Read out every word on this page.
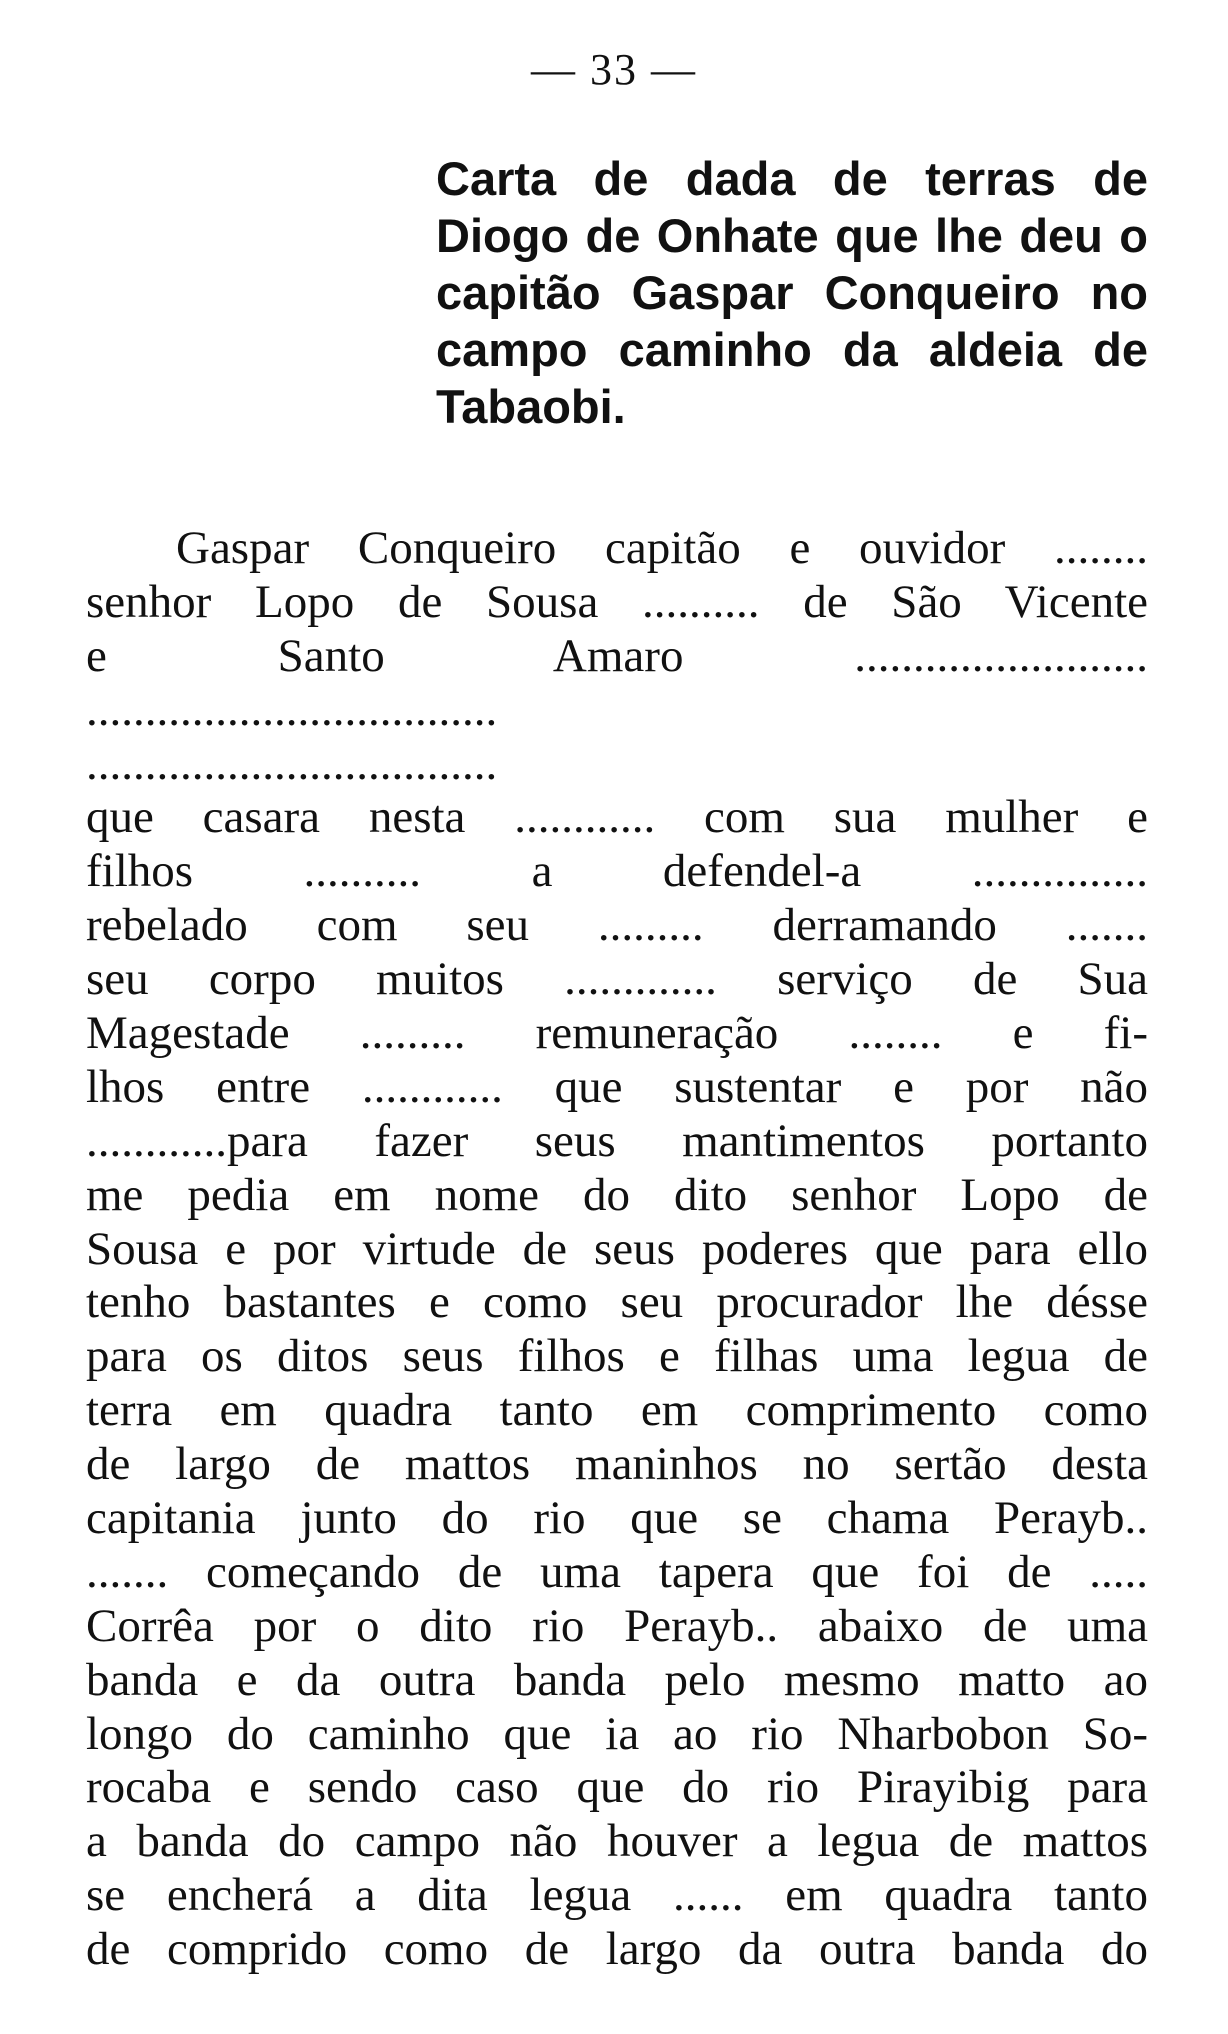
— 33 —
Carta de dada de terras de
Diogo de Onhate que lhe deu o
capitão Gaspar Conqueiro no
campo caminho da aldeia de
Tabaobi.
Gaspar Conqueiro capitão e ouvidor ........
senhor Lopo de Sousa .......... de São Vicente
e Santo Amaro .........................
...................................
...................................
que casara nesta ............ com sua mulher e
filhos .......... a defendel-a ...............
rebelado com seu ......... derramando .......
seu corpo muitos ............. serviço de Sua
Magestade ......... remuneração ........ e fi-
lhos entre ............ que sustentar e por não
............para fazer seus mantimentos portanto
me pedia em nome do dito senhor Lopo de
Sousa e por virtude de seus poderes que para ello
tenho bastantes e como seu procurador lhe désse
para os ditos seus filhos e filhas uma legua de
terra em quadra tanto em comprimento como
de largo de mattos maninhos no sertão desta
capitania junto do rio que se chama Perayb..
....... começando de uma tapera que foi de .....
Corrêa por o dito rio Perayb.. abaixo de uma
banda e da outra banda pelo mesmo matto ao
longo do caminho que ia ao rio Nharbobon So-
rocaba e sendo caso que do rio Pirayibig para
a banda do campo não houver a legua de mattos
se encherá a dita legua ...... em quadra tanto
de comprido como de largo da outra banda do
